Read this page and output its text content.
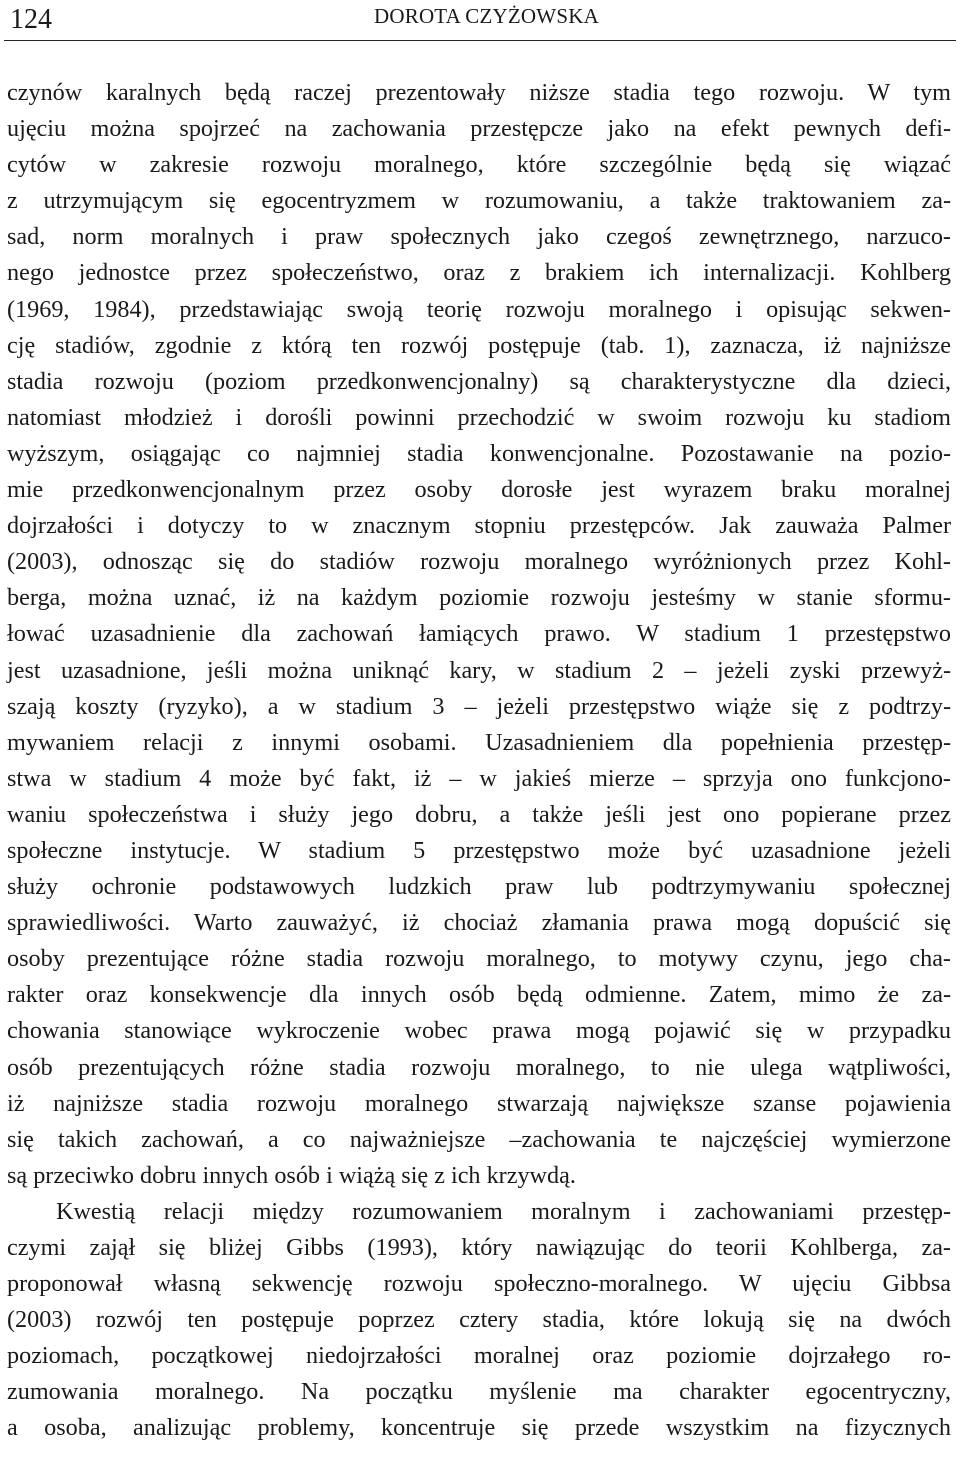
124	DOROTA CZYŻOWSKA
czynów karalnych będą raczej prezentowały niższe stadia tego rozwoju. W tym
ujęciu można spojrzeć na zachowania przestępcze jako na efekt pewnych defi-
cytów w zakresie rozwoju moralnego, które szczególnie będą się wiązać
z utrzymującym się egocentryzmem w rozumowaniu, a także traktowaniem za-
sad, norm moralnych i praw społecznych jako czegoś zewnętrznego, narzuco-
nego jednostce przez społeczeństwo, oraz z brakiem ich internalizacji. Kohlberg
(1969, 1984), przedstawiając swoją teorię rozwoju moralnego i opisując sekwen-
cję stadiów, zgodnie z którą ten rozwój postępuje (tab. 1), zaznacza, iż najniższe
stadia rozwoju (poziom przedkonwencjonalny) są charakterystyczne dla dzieci,
natomiast młodzież i dorośli powinni przechodzić w swoim rozwoju ku stadiom
wyższym, osiągając co najmniej stadia konwencjonalne. Pozostawanie na pozio-
mie przedkonwencjonalnym przez osoby dorosłe jest wyrazem braku moralnej
dojrzałości i dotyczy to w znacznym stopniu przestępców. Jak zauważa Palmer
(2003), odnosząc się do stadiów rozwoju moralnego wyróżnionych przez Kohl-
berga, można uznać, iż na każdym poziomie rozwoju jesteśmy w stanie sformu-
łować uzasadnienie dla zachowań łamiących prawo. W stadium 1 przestępstwo
jest uzasadnione, jeśli można uniknąć kary, w stadium 2 – jeżeli zyski przewyż-
szają koszty (ryzyko), a w stadium 3 – jeżeli przestępstwo wiąże się z podtrzy-
mywaniem relacji z innymi osobami. Uzasadnieniem dla popełnienia przestęp-
stwa w stadium 4 może być fakt, iż – w jakieś mierze – sprzyja ono funkcjono-
waniu społeczeństwa i służy jego dobru, a także jeśli jest ono popierane przez
społeczne instytucje. W stadium 5 przestępstwo może być uzasadnione jeżeli
służy ochronie podstawowych ludzkich praw lub podtrzymywaniu społecznej
sprawiedliwości. Warto zauważyć, iż chociaż złamania prawa mogą dopuścić się
osoby prezentujące różne stadia rozwoju moralnego, to motywy czynu, jego cha-
rakter oraz konsekwencje dla innych osób będą odmienne. Zatem, mimo że za-
chowania stanowiące wykroczenie wobec prawa mogą pojawić się w przypadku
osób prezentujących różne stadia rozwoju moralnego, to nie ulega wątpliwości,
iż najniższe stadia rozwoju moralnego stwarzają największe szanse pojawienia
się takich zachowań, a co najważniejsze –zachowania te najczęściej wymierzone
są przeciwko dobru innych osób i wiążą się z ich krzywdą.
Kwestią relacji między rozumowaniem moralnym i zachowaniami przestęp-
czymi zajął się bliżej Gibbs (1993), który nawiązując do teorii Kohlberga, za-
proponował własną sekwencję rozwoju społeczno-moralnego. W ujęciu Gibbsa
(2003) rozwój ten postępuje poprzez cztery stadia, które lokują się na dwóch
poziomach, początkowej niedojrzałości moralnej oraz poziomie dojrzałego ro-
zumowania moralnego. Na początku myślenie ma charakter egocentryczny,
a osoba, analizując problemy, koncentruje się przede wszystkim na fizycznych
